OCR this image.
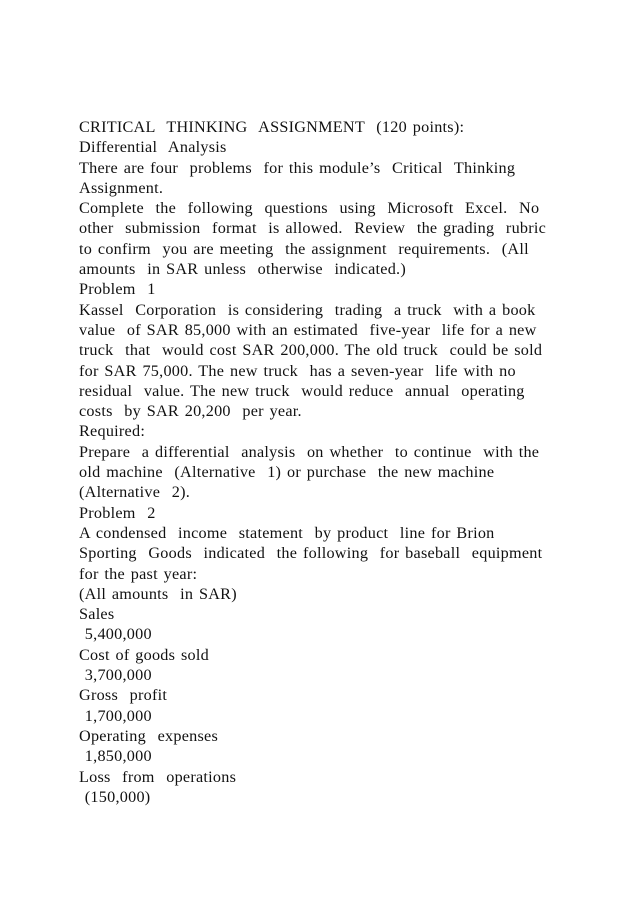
CRITICAL  THINKING  ASSIGNMENT  (120 points):
Differential  Analysis
There are four  problems  for this module’s  Critical  Thinking
Assignment.
Complete  the  following  questions  using  Microsoft  Excel.  No
other  submission  format  is allowed.  Review  the grading  rubric
to confirm  you are meeting  the assignment  requirements.  (All
amounts  in SAR unless  otherwise  indicated.)
Problem  1
Kassel  Corporation  is considering  trading  a truck  with a book
value  of SAR 85,000 with an estimated  five-year  life for a new
truck  that  would cost SAR 200,000. The old truck  could be sold
for SAR 75,000. The new truck  has a seven-year  life with no
residual  value. The new truck  would reduce  annual  operating
costs  by SAR 20,200  per year.
Required:
Prepare  a differential  analysis  on whether  to continue  with the
old machine  (Alternative  1) or purchase  the new machine
(Alternative  2).
Problem  2
A condensed  income  statement  by product  line for Brion
Sporting  Goods  indicated  the following  for baseball  equipment
for the past year:
(All amounts  in SAR)
Sales
5,400,000
Cost of goods sold
3,700,000
Gross  profit
1,700,000
Operating  expenses
1,850,000
Loss  from  operations
(150,000)
